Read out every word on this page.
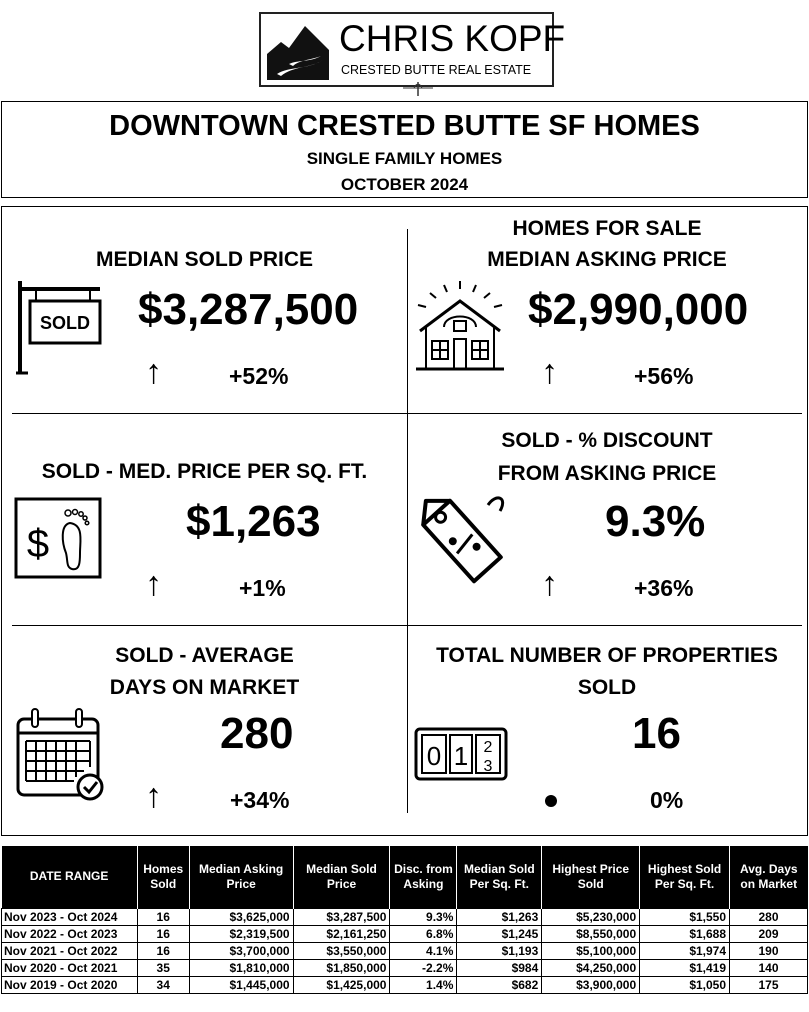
CHRIS KOPF
CRESTED BUTTE REAL ESTATE
DOWNTOWN CRESTED BUTTE SF HOMES
SINGLE FAMILY HOMES
OCTOBER 2024
MEDIAN SOLD PRICE
SOLD $3,287,500
↑	+52%
HOMES FOR SALE
MEDIAN ASKING PRICE
$2,990,000
↑	+56%
SOLD - MED. PRICE PER SQ. FT.
$	$1,263
↑	+1%
SOLD - % DISCOUNT
FROM ASKING PRICE
9.3%
↑	+36%
SOLD - AVERAGE
DAYS ON MARKET
280
↑	+34%
TOTAL NUMBER OF PROPERTIES
SOLD
0 1 2
3
16
0%
DATE RANGE	Homes Sold	Median Asking Price	Median Sold Price	Disc. from Asking	Median Sold Per Sq. Ft.	Highest Price Sold	Highest Sold Per Sq. Ft.	Avg. Days on Market
Nov 2023 - Oct 2024	16	$3,625,000	$3,287,500	9.3%	$1,263	$5,230,000	$1,550	280
Nov 2022 - Oct 2023	16	$2,319,500	$2,161,250	6.8%	$1,245	$8,550,000	$1,688	209
Nov 2021 - Oct 2022	16	$3,700,000	$3,550,000	4.1%	$1,193	$5,100,000	$1,974	190
Nov 2020 - Oct 2021	35	$1,810,000	$1,850,000	-2.2%	$984	$4,250,000	$1,419	140
Nov 2019 - Oct 2020	34	$1,445,000	$1,425,000	1.4%	$682	$3,900,000	$1,050	175
